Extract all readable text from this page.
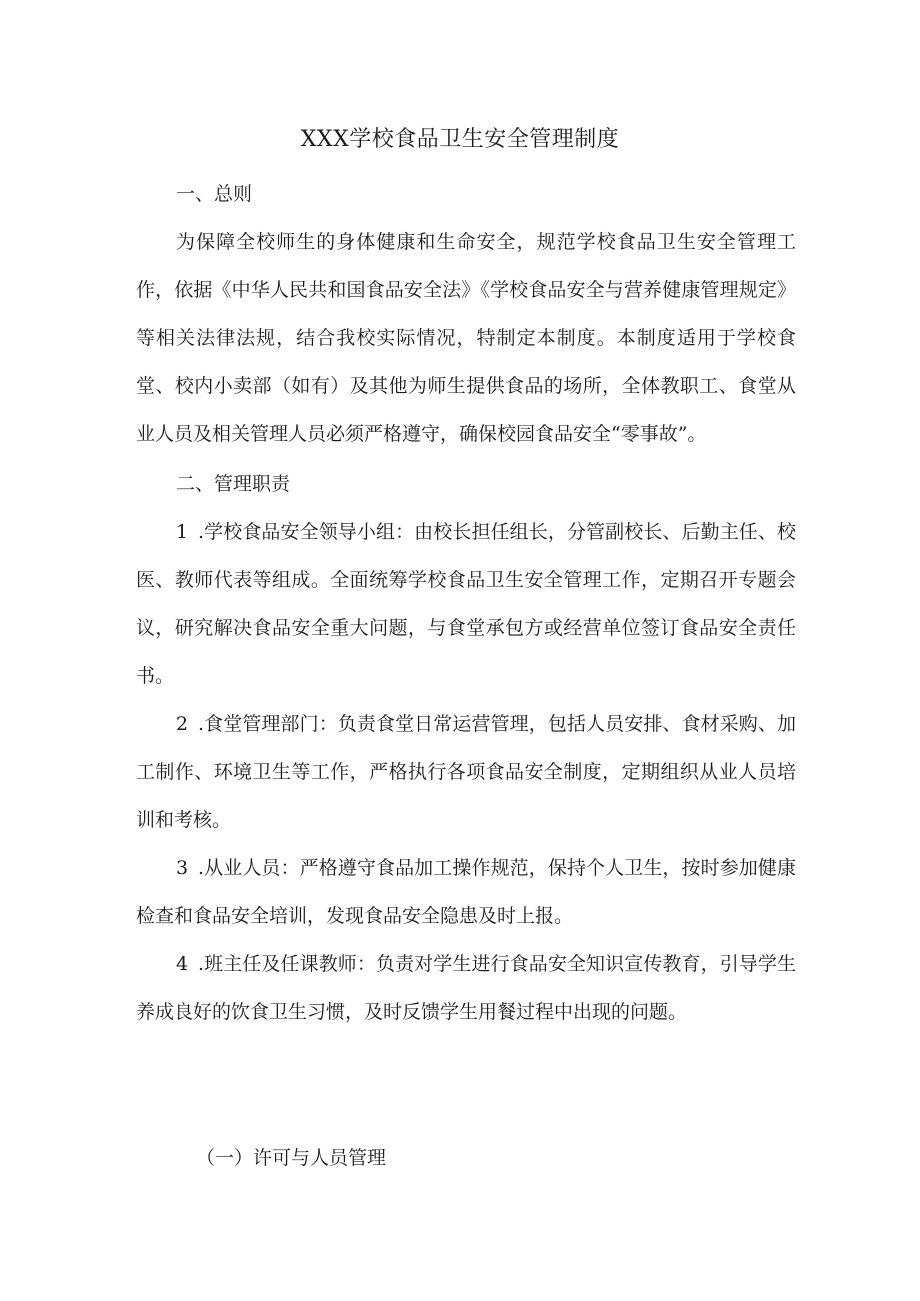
XXX学校食品卫生安全管理制度

一、总则

为保障全校师生的身体健康和生命安全，规范学校食品卫生安全管理工作，依据《中华人民共和国食品安全法》《学校食品安全与营养健康管理规定》等相关法律法规，结合我校实际情况，特制定本制度。本制度适用于学校食堂、校内小卖部（如有）及其他为师生提供食品的场所，全体教职工、食堂从业人员及相关管理人员必须严格遵守，确保校园食品安全“零事故”。

二、管理职责

1 .学校食品安全领导小组：由校长担任组长，分管副校长、后勤主任、校医、教师代表等组成。全面统筹学校食品卫生安全管理工作，定期召开专题会议，研究解决食品安全重大问题，与食堂承包方或经营单位签订食品安全责任书。

2 .食堂管理部门：负责食堂日常运营管理，包括人员安排、食材采购、加工制作、环境卫生等工作，严格执行各项食品安全制度，定期组织从业人员培训和考核。

3 .从业人员：严格遵守食品加工操作规范，保持个人卫生，按时参加健康检查和食品安全培训，发现食品安全隐患及时上报。

4 .班主任及任课教师：负责对学生进行食品安全知识宣传教育，引导学生养成良好的饮食卫生习惯，及时反馈学生用餐过程中出现的问题。

（一）许可与人员管理
